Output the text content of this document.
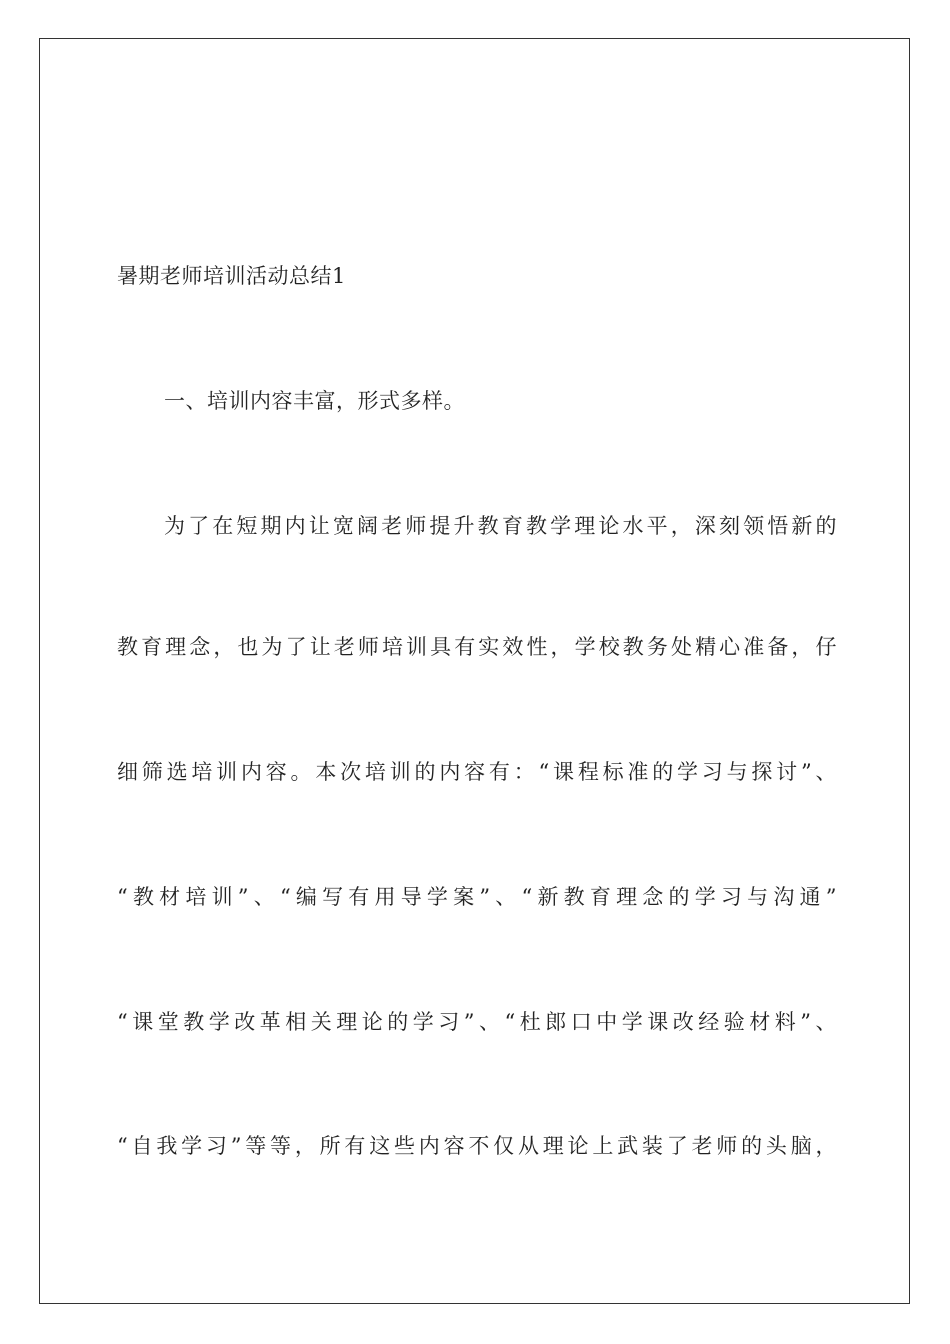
暑期老师培训活动总结1
一、培训内容丰富，形式多样。
为了在短期内让宽阔老师提升教育教学理论水平，深刻领悟新的
教育理念，也为了让老师培训具有实效性，学校教务处精心准备，仔
细筛选培训内容。本次培训的内容有：“课程标准的学习与探讨”、
“教材培训”、“编写有用导学案”、“新教育理念的学习与沟通”
“课堂教学改革相关理论的学习”、“杜郎口中学课改经验材料”、
“自我学习”等等，所有这些内容不仅从理论上武装了老师的头脑，
